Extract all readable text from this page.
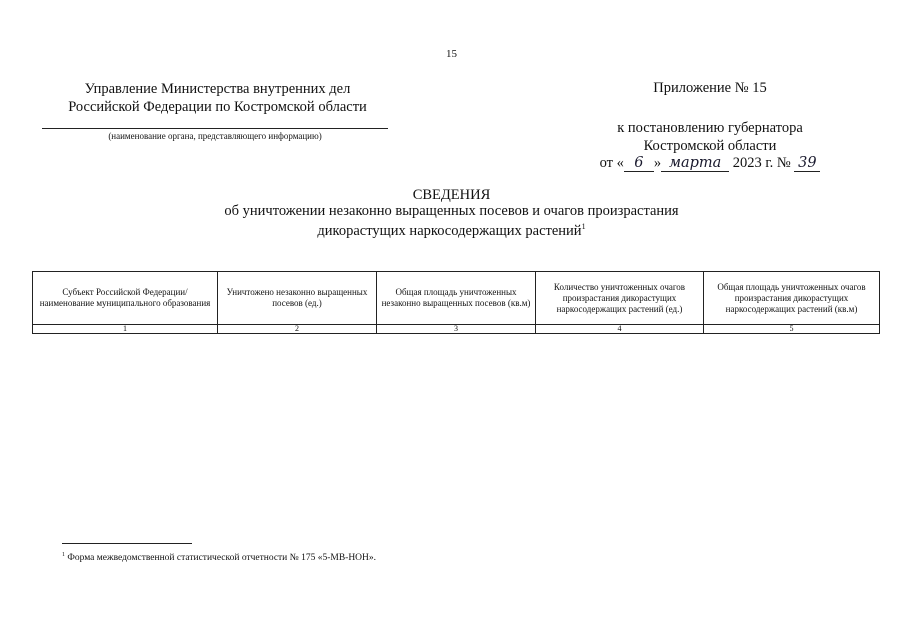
15
Управление Министерства внутренних дел
Российской Федерации по Костромской области
(наименование органа, представляющего информацию)
Приложение № 15
к постановлению губернатора
Костромской области
от « 6 » марта 2023 г. № 39
СВЕДЕНИЯ
об уничтожении незаконно выращенных посевов и очагов произрастания
дикорастущих наркосодержащих растений$^1$
Субъект Российской Федерации/ наименование муниципального образования	Уничтожено незаконно выращенных посевов (ед.)	Общая площадь уничтоженных незаконно выращенных посевов (кв.м)	Количество уничтоженных очагов произрастания дикорастущих наркосодержащих растений (ед.)	Общая площадь уничтоженных очагов произрастания дикорастущих наркосодержащих растений (кв.м)
1	2	3	4	5
$^1$ Форма межведомственной статистической отчетности № 175 «5-МВ-НОН».
